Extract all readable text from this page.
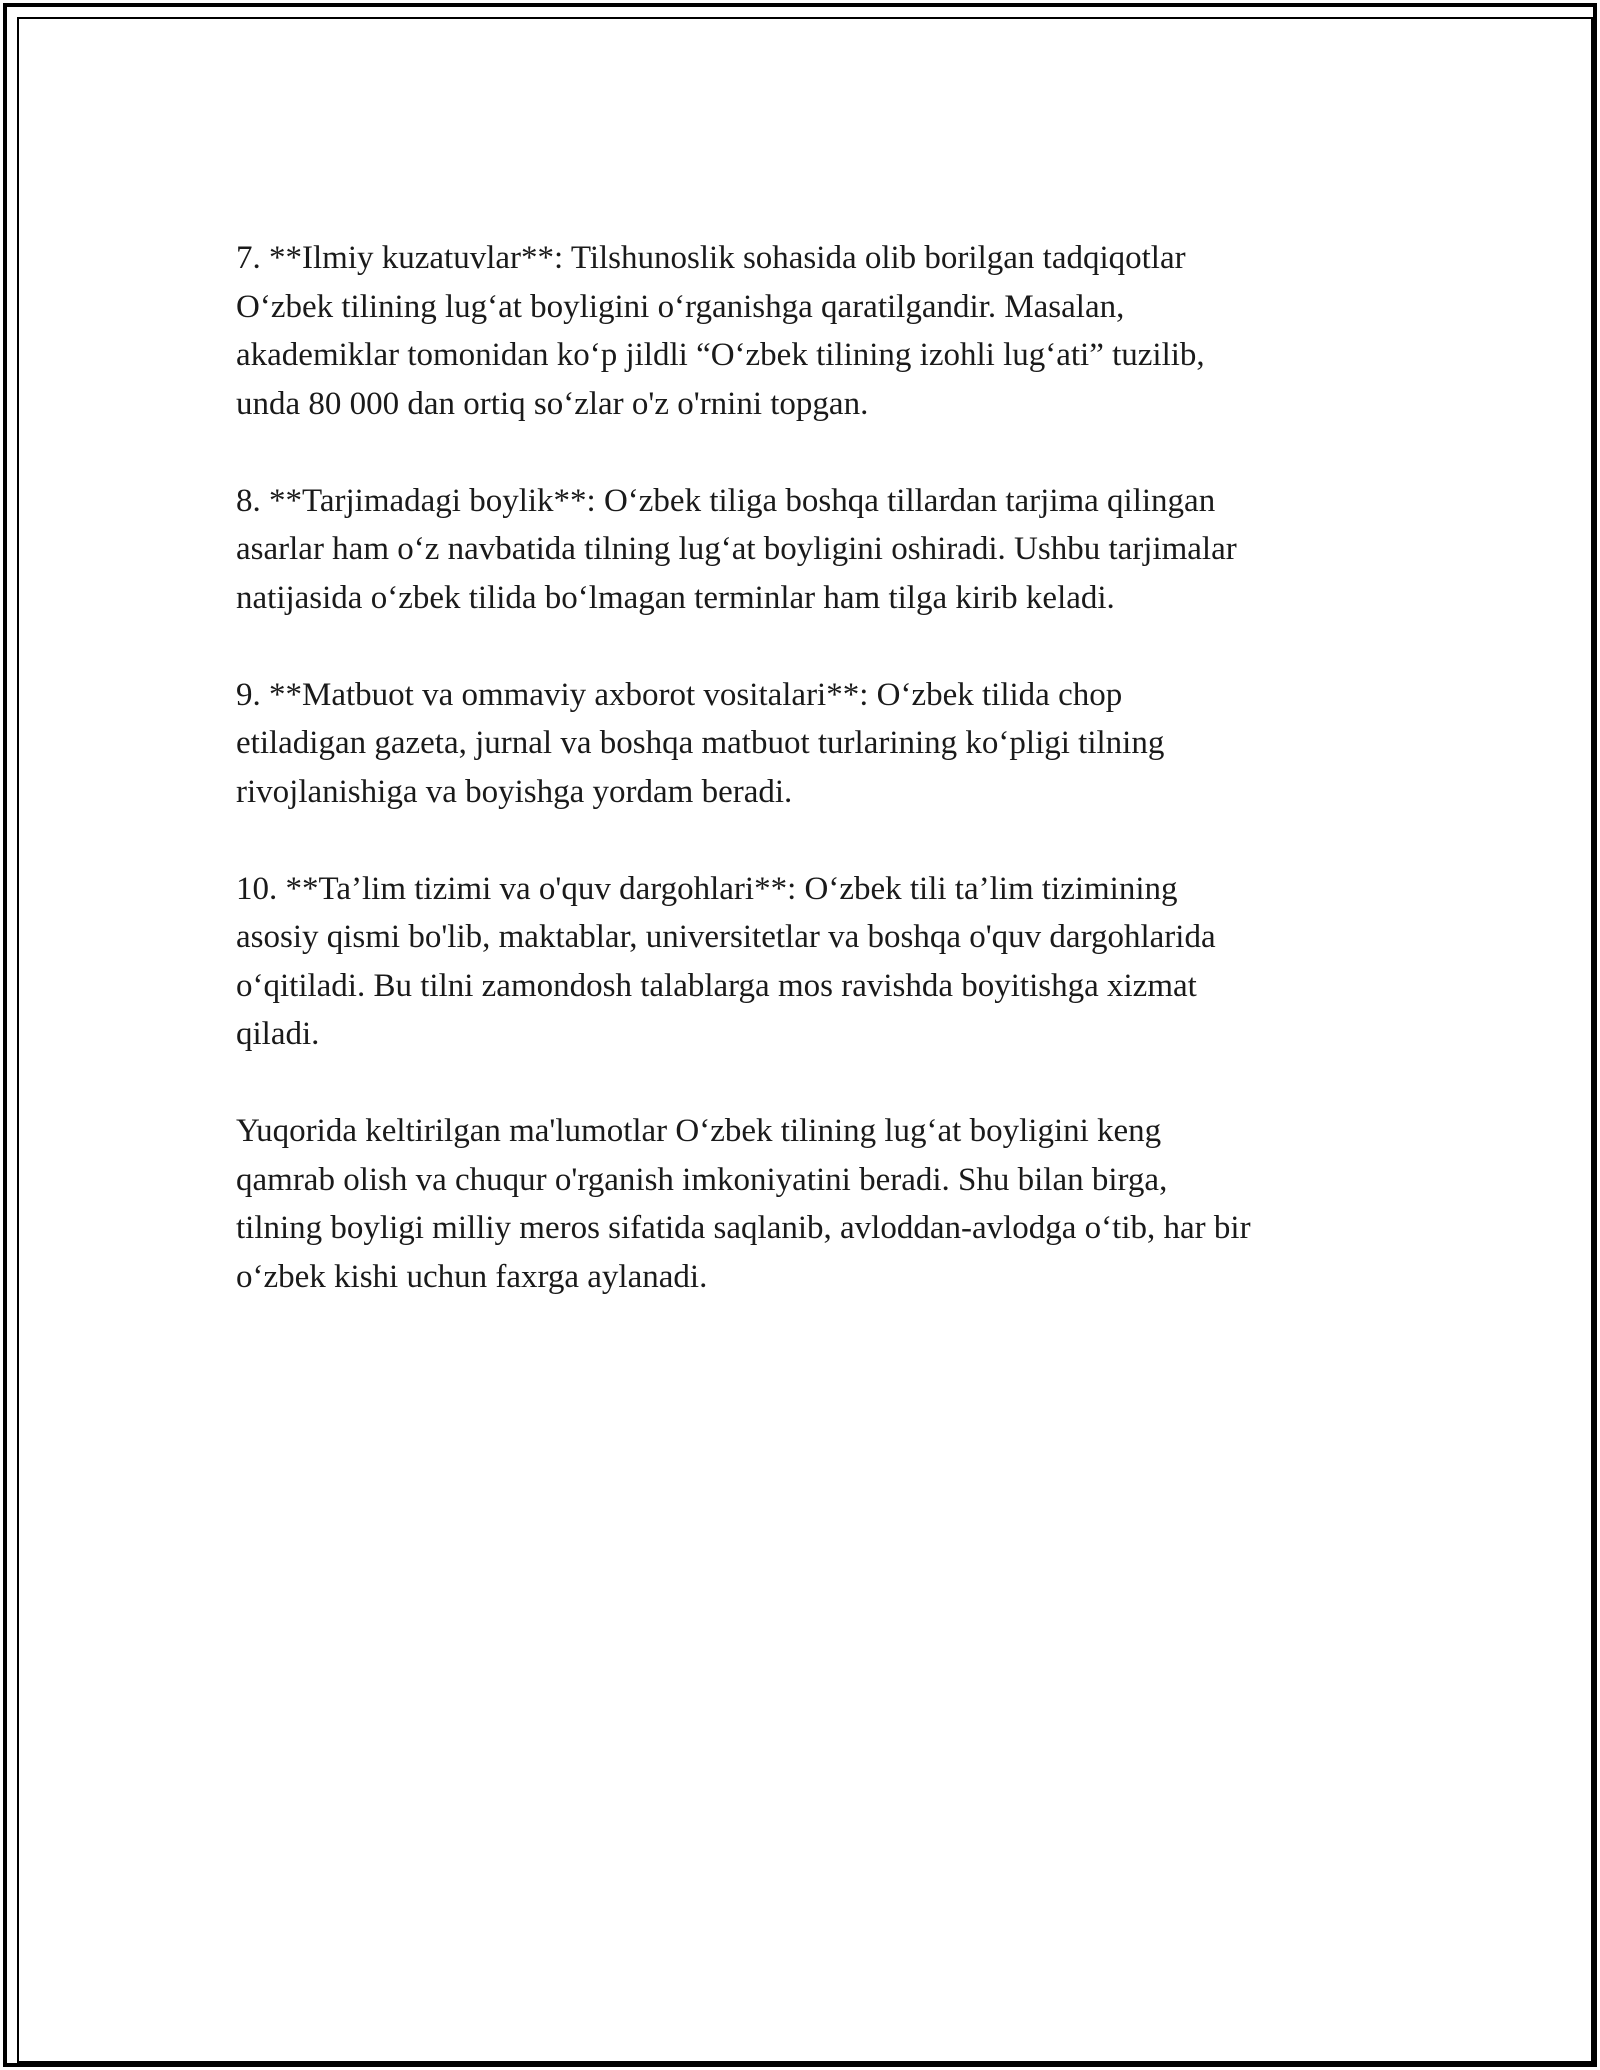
7. **Ilmiy kuzatuvlar**: Tilshunoslik sohasida olib borilgan tadqiqotlar
O‘zbek tilining lug‘at boyligini o‘rganishga qaratilgandir. Masalan,
akademiklar tomonidan ko‘p jildli “O‘zbek tilining izohli lug‘ati” tuzilib,
unda 80 000 dan ortiq so‘zlar o'z o'rnini topgan.

8. **Tarjimadagi boylik**: O‘zbek tiliga boshqa tillardan tarjima qilingan
asarlar ham o‘z navbatida tilning lug‘at boyligini oshiradi. Ushbu tarjimalar
natijasida o‘zbek tilida bo‘lmagan terminlar ham tilga kirib keladi.

9. **Matbuot va ommaviy axborot vositalari**: O‘zbek tilida chop
etiladigan gazeta, jurnal va boshqa matbuot turlarining ko‘pligi tilning
rivojlanishiga va boyishga yordam beradi.

10. **Ta’lim tizimi va o'quv dargohlari**: O‘zbek tili ta’lim tizimining
asosiy qismi bo'lib, maktablar, universitetlar va boshqa o'quv dargohlarida
o‘qitiladi. Bu tilni zamondosh talablarga mos ravishda boyitishga xizmat
qiladi.

Yuqorida keltirilgan ma'lumotlar O‘zbek tilining lug‘at boyligini keng
qamrab olish va chuqur o'rganish imkoniyatini beradi. Shu bilan birga,
tilning boyligi milliy meros sifatida saqlanib, avloddan-avlodga o‘tib, har bir
o‘zbek kishi uchun faxrga aylanadi.
